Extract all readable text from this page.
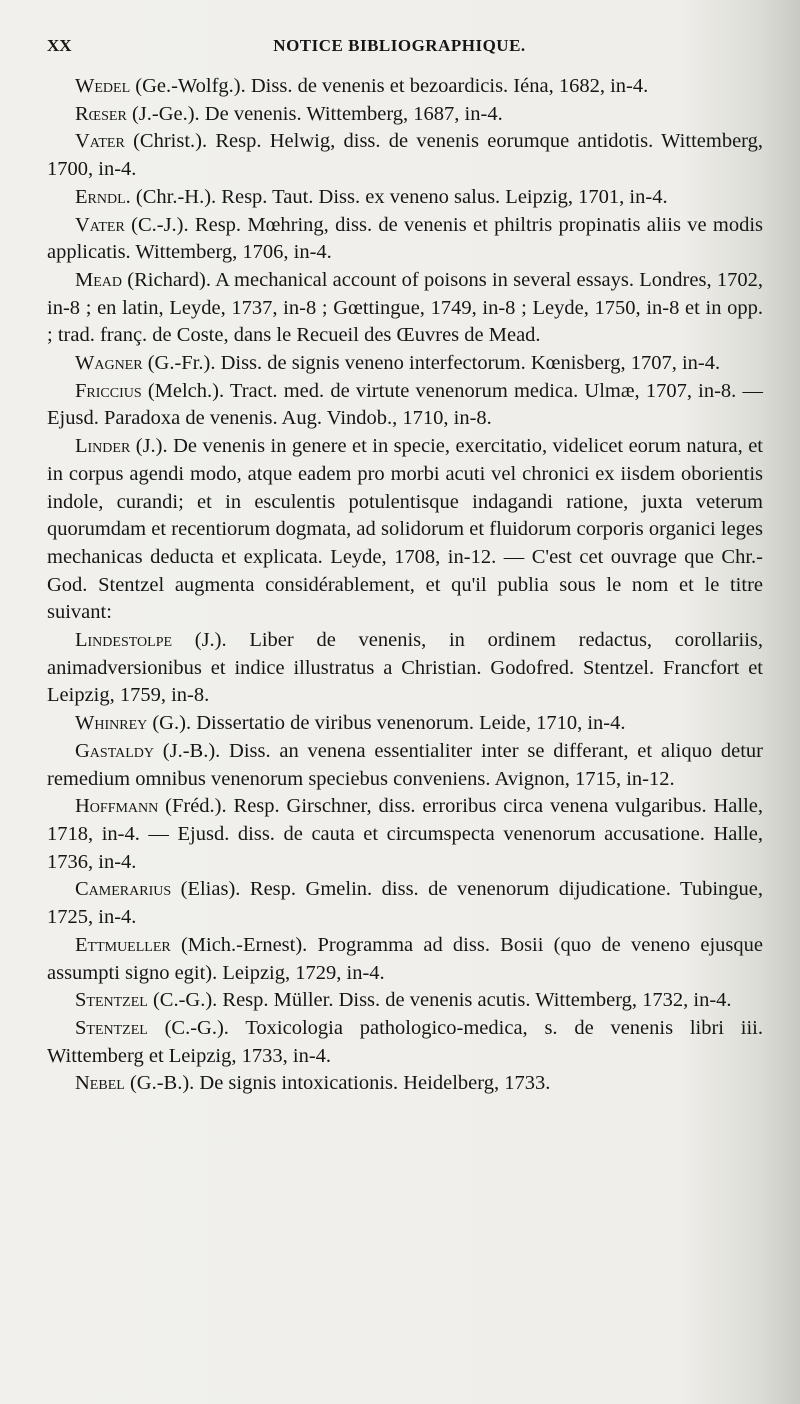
XX	NOTICE BIBLIOGRAPHIQUE.

Wedel (Ge.-Wolfg.). Diss. de venenis et bezoardicis. Iéna, 1682, in-4.

Rœser (J.-Ge.). De venenis. Wittemberg, 1687, in-4.

Vater (Christ.). Resp. Helwig, diss. de venenis eorumque antidotis. Wittemberg, 1700, in-4.

Erndl. (Chr.-H.). Resp. Taut. Diss. ex veneno salus. Leipzig, 1701, in-4.

Vater (C.-J.). Resp. Mœhring, diss. de venenis et philtris propinatis aliis ve modis applicatis. Wittemberg, 1706, in-4.

Mead (Richard). A mechanical account of poisons in several essays. Londres, 1702, in-8 ; en latin, Leyde, 1737, in-8 ; Gœttingue, 1749, in-8 ; Leyde, 1750, in-8 et in opp. ; trad. franç. de Coste, dans le Recueil des Œuvres de Mead.

Wagner (G.-Fr.). Diss. de signis veneno interfectorum. Kœnisberg, 1707, in-4.

Friccius (Melch.). Tract. med. de virtute venenorum medica. Ulmæ, 1707, in-8. — Ejusd. Paradoxa de venenis. Aug. Vindob., 1710, in-8.

Linder (J.). De venenis in genere et in specie, exercitatio, videlicet eorum natura, et in corpus agendi modo, atque eadem pro morbi acuti vel chronici ex iisdem oborientis indole, curandi; et in esculentis potulentisque indagandi ratione, juxta veterum quorumdam et recentiorum dogmata, ad solidorum et fluidorum corporis organici leges mechanicas deducta et explicata. Leyde, 1708, in-12. — C'est cet ouvrage que Chr.-God. Stentzel augmenta considérablement, et qu'il publia sous le nom et le titre suivant:

Lindestolpe (J.). Liber de venenis, in ordinem redactus, corollariis, animadversionibus et indice illustratus a Christian. Godofred. Stentzel. Francfort et Leipzig, 1759, in-8.

Whinrey (G.). Dissertatio de viribus venenorum. Leide, 1710, in-4.

Gastaldy (J.-B.). Diss. an venena essentialiter inter se differant, et aliquo detur remedium omnibus venenorum speciebus conveniens. Avignon, 1715, in-12.

Hoffmann (Fréd.). Resp. Girschner, diss. erroribus circa venena vulgaribus. Halle, 1718, in-4. — Ejusd. diss. de cauta et circumspecta venenorum accusatione. Halle, 1736, in-4.

Camerarius (Elias). Resp. Gmelin. diss. de venenorum dijudicatione. Tubingue, 1725, in-4.

Ettmueller (Mich.-Ernest). Programma ad diss. Bosii (quo de veneno ejusque assumpti signo egit). Leipzig, 1729, in-4.

Stentzel (C.-G.). Resp. Müller. Diss. de venenis acutis. Wittemberg, 1732, in-4.

Stentzel (C.-G.). Toxicologia pathologico-medica, s. de venenis libri iii. Wittemberg et Leipzig, 1733, in-4.

Nebel (G.-B.). De signis intoxicationis. Heidelberg, 1733.
